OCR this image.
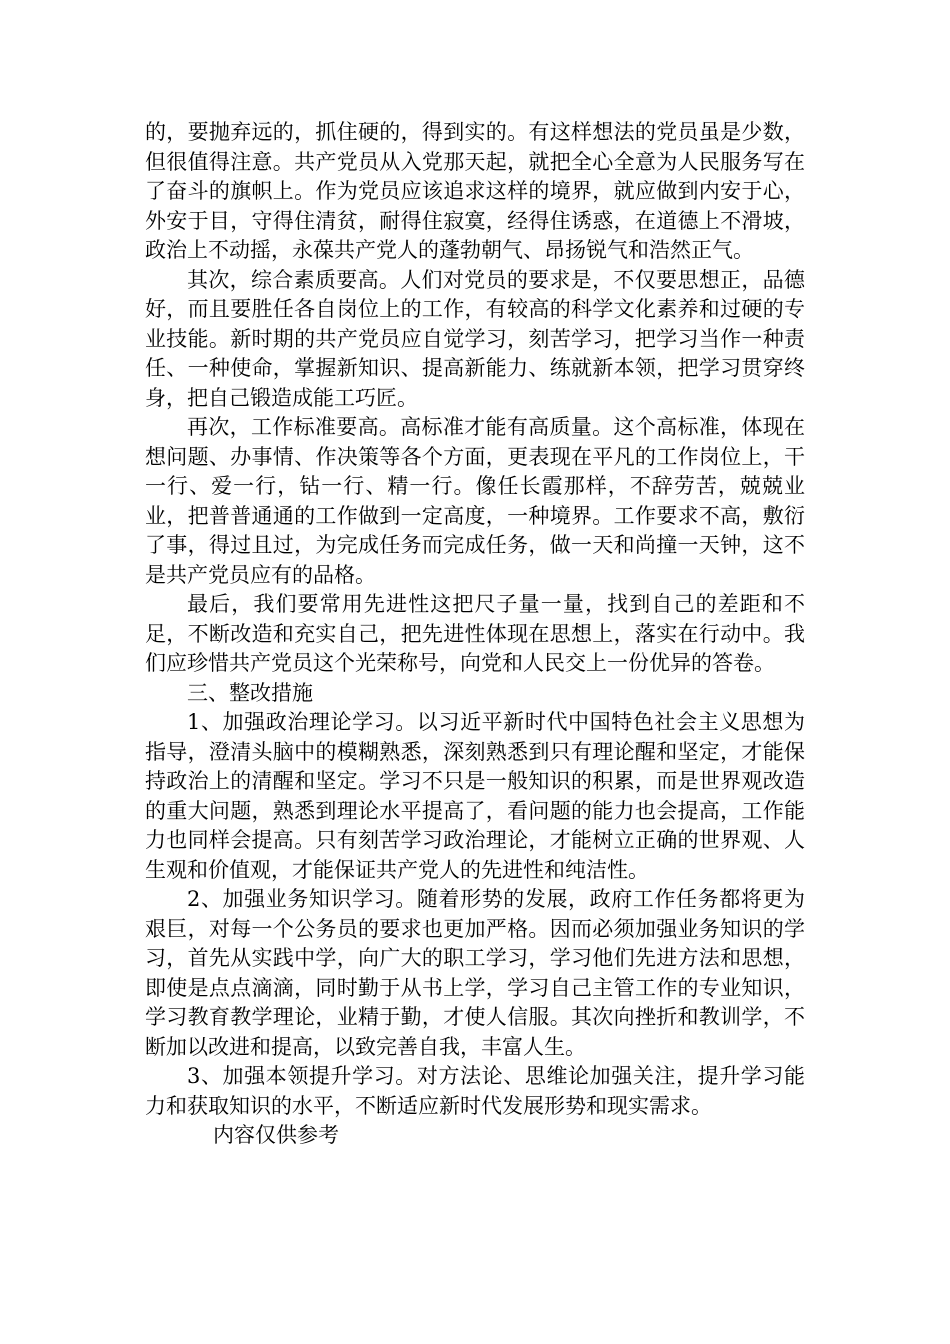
的，要抛弃远的，抓住硬的，得到实的。有这样想法的党员虽是少数，但很值得注意。共产党员从入党那天起，就把全心全意为人民服务写在了奋斗的旗帜上。作为党员应该追求这样的境界，就应做到内安于心，外安于目，守得住清贫，耐得住寂寞，经得住诱惑，在道德上不滑坡，政治上不动摇，永葆共产党人的蓬勃朝气、昂扬锐气和浩然正气。

其次，综合素质要高。人们对党员的要求是，不仅要思想正，品德好，而且要胜任各自岗位上的工作，有较高的科学文化素养和过硬的专业技能。新时期的共产党员应自觉学习，刻苦学习，把学习当作一种责任、一种使命，掌握新知识、提高新能力、练就新本领，把学习贯穿终身，把自己锻造成能工巧匠。

再次，工作标准要高。高标准才能有高质量。这个高标准，体现在想问题、办事情、作决策等各个方面，更表现在平凡的工作岗位上，干一行、爱一行，钻一行、精一行。像任长霞那样，不辞劳苦，兢兢业业，把普普通通的工作做到一定高度，一种境界。工作要求不高，敷衍了事，得过且过，为完成任务而完成任务，做一天和尚撞一天钟，这不是共产党员应有的品格。

最后，我们要常用先进性这把尺子量一量，找到自己的差距和不足，不断改造和充实自己，把先进性体现在思想上，落实在行动中。我们应珍惜共产党员这个光荣称号，向党和人民交上一份优异的答卷。

三、整改措施

1、加强政治理论学习。以习近平新时代中国特色社会主义思想为指导，澄清头脑中的模糊熟悉，深刻熟悉到只有理论醒和坚定，才能保持政治上的清醒和坚定。学习不只是一般知识的积累，而是世界观改造的重大问题，熟悉到理论水平提高了，看问题的能力也会提高，工作能力也同样会提高。只有刻苦学习政治理论，才能树立正确的世界观、人生观和价值观，才能保证共产党人的先进性和纯洁性。

2、加强业务知识学习。随着形势的发展，政府工作任务都将更为艰巨，对每一个公务员的要求也更加严格。因而必须加强业务知识的学习，首先从实践中学，向广大的职工学习，学习他们先进方法和思想，即使是点点滴滴，同时勤于从书上学，学习自己主管工作的专业知识，学习教育教学理论，业精于勤，才使人信服。其次向挫折和教训学，不断加以改进和提高，以致完善自我，丰富人生。

3、加强本领提升学习。对方法论、思维论加强关注，提升学习能力和获取知识的水平，不断适应新时代发展形势和现实需求。

内容仅供参考
